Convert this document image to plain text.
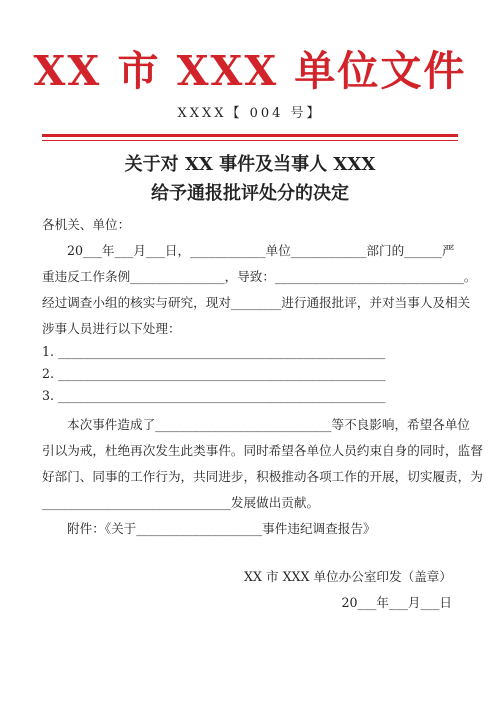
XX 市 XXX 单位文件
XXXX【 004 号】
关于对 XX 事件及当事人 XXX
给予通报批评处分的决定
各机关、单位：
20___年___月___日，____________单位____________部门的______严
重违反工作条例_______________，导致：______________________________。
经过调查小组的核实与研究，现对________进行通报批评，并对当事人及相关
涉事人员进行以下处理：
1. ____________________________________________________
2. ____________________________________________________
3. ____________________________________________________
本次事件造成了____________________________等不良影响，希望各单位
引以为戒，杜绝再次发生此类事件。同时希望各单位人员约束自身的同时，监督
好部门、同事的工作行为，共同进步，积极推动各项工作的开展，切实履责，为
______________________________发展做出贡献。
附件：《关于____________________事件违纪调查报告》
XX 市 XXX 单位办公室印发（盖章）
20___年___月___日
